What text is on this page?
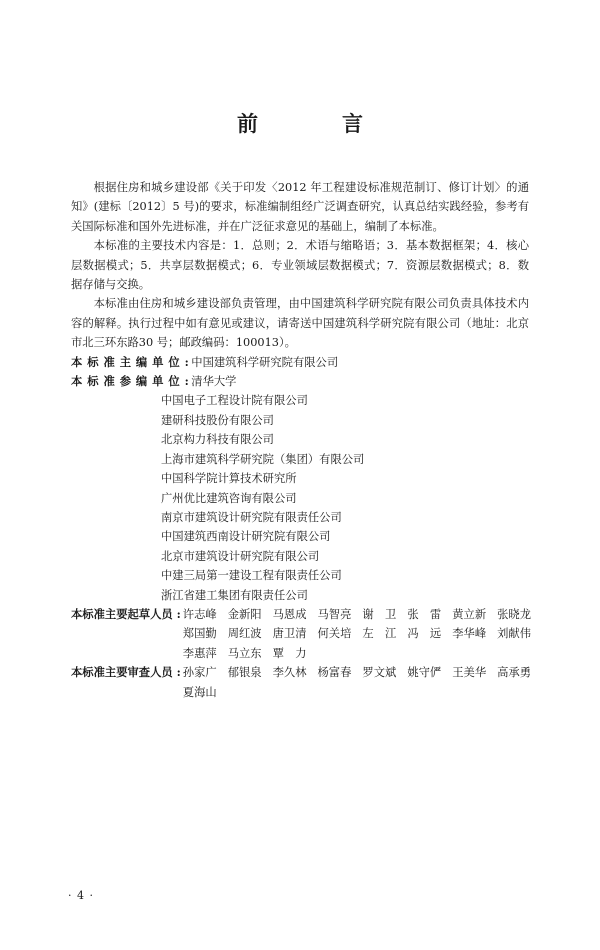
前　　言

根据住房和城乡建设部《关于印发〈2012 年工程建设标准规范制订、修订计划〉的通知》(建标〔2012〕5 号)的要求，标准编制组经广泛调查研究，认真总结实践经验，参考有关国际标准和国外先进标准，并在广泛征求意见的基础上，编制了本标准。

本标准的主要技术内容是：1．总则；2．术语与缩略语；3．基本数据框架；4．核心层数据模式；5．共享层数据模式；6．专业领域层数据模式；7．资源层数据模式；8．数据存储与交换。

本标准由住房和城乡建设部负责管理，由中国建筑科学研究院有限公司负责具体技术内容的解释。执行过程中如有意见或建议，请寄送中国建筑科学研究院有限公司（地址：北京市北三环东路30 号；邮政编码：100013）。

本 标 准 主 编 单 位 : 中国建筑科学研究院有限公司
本 标 准 参 编 单 位 : 清华大学
中国电子工程设计院有限公司
建研科技股份有限公司
北京构力科技有限公司
上海市建筑科学研究院（集团）有限公司
中国科学院计算技术研究所
广州优比建筑咨询有限公司
南京市建筑设计研究院有限责任公司
中国建筑西南设计研究院有限公司
北京市建筑设计研究院有限公司
中建三局第一建设工程有限责任公司
浙江省建工集团有限责任公司
本标准主要起草人员 : 许志峰 金新阳 马恩成 马智亮 谢　卫 张　雷 黄立新 张晓龙 郑国勤 周红波 唐卫清 何关培 左　江 冯　远 李华峰 刘献伟 李惠萍 马立东 覃　力
本标准主要审查人员 : 孙家广 郁银泉 李久林 杨富春 罗文斌 姚守俨 王美华 高承勇 夏海山
· 4 ·
